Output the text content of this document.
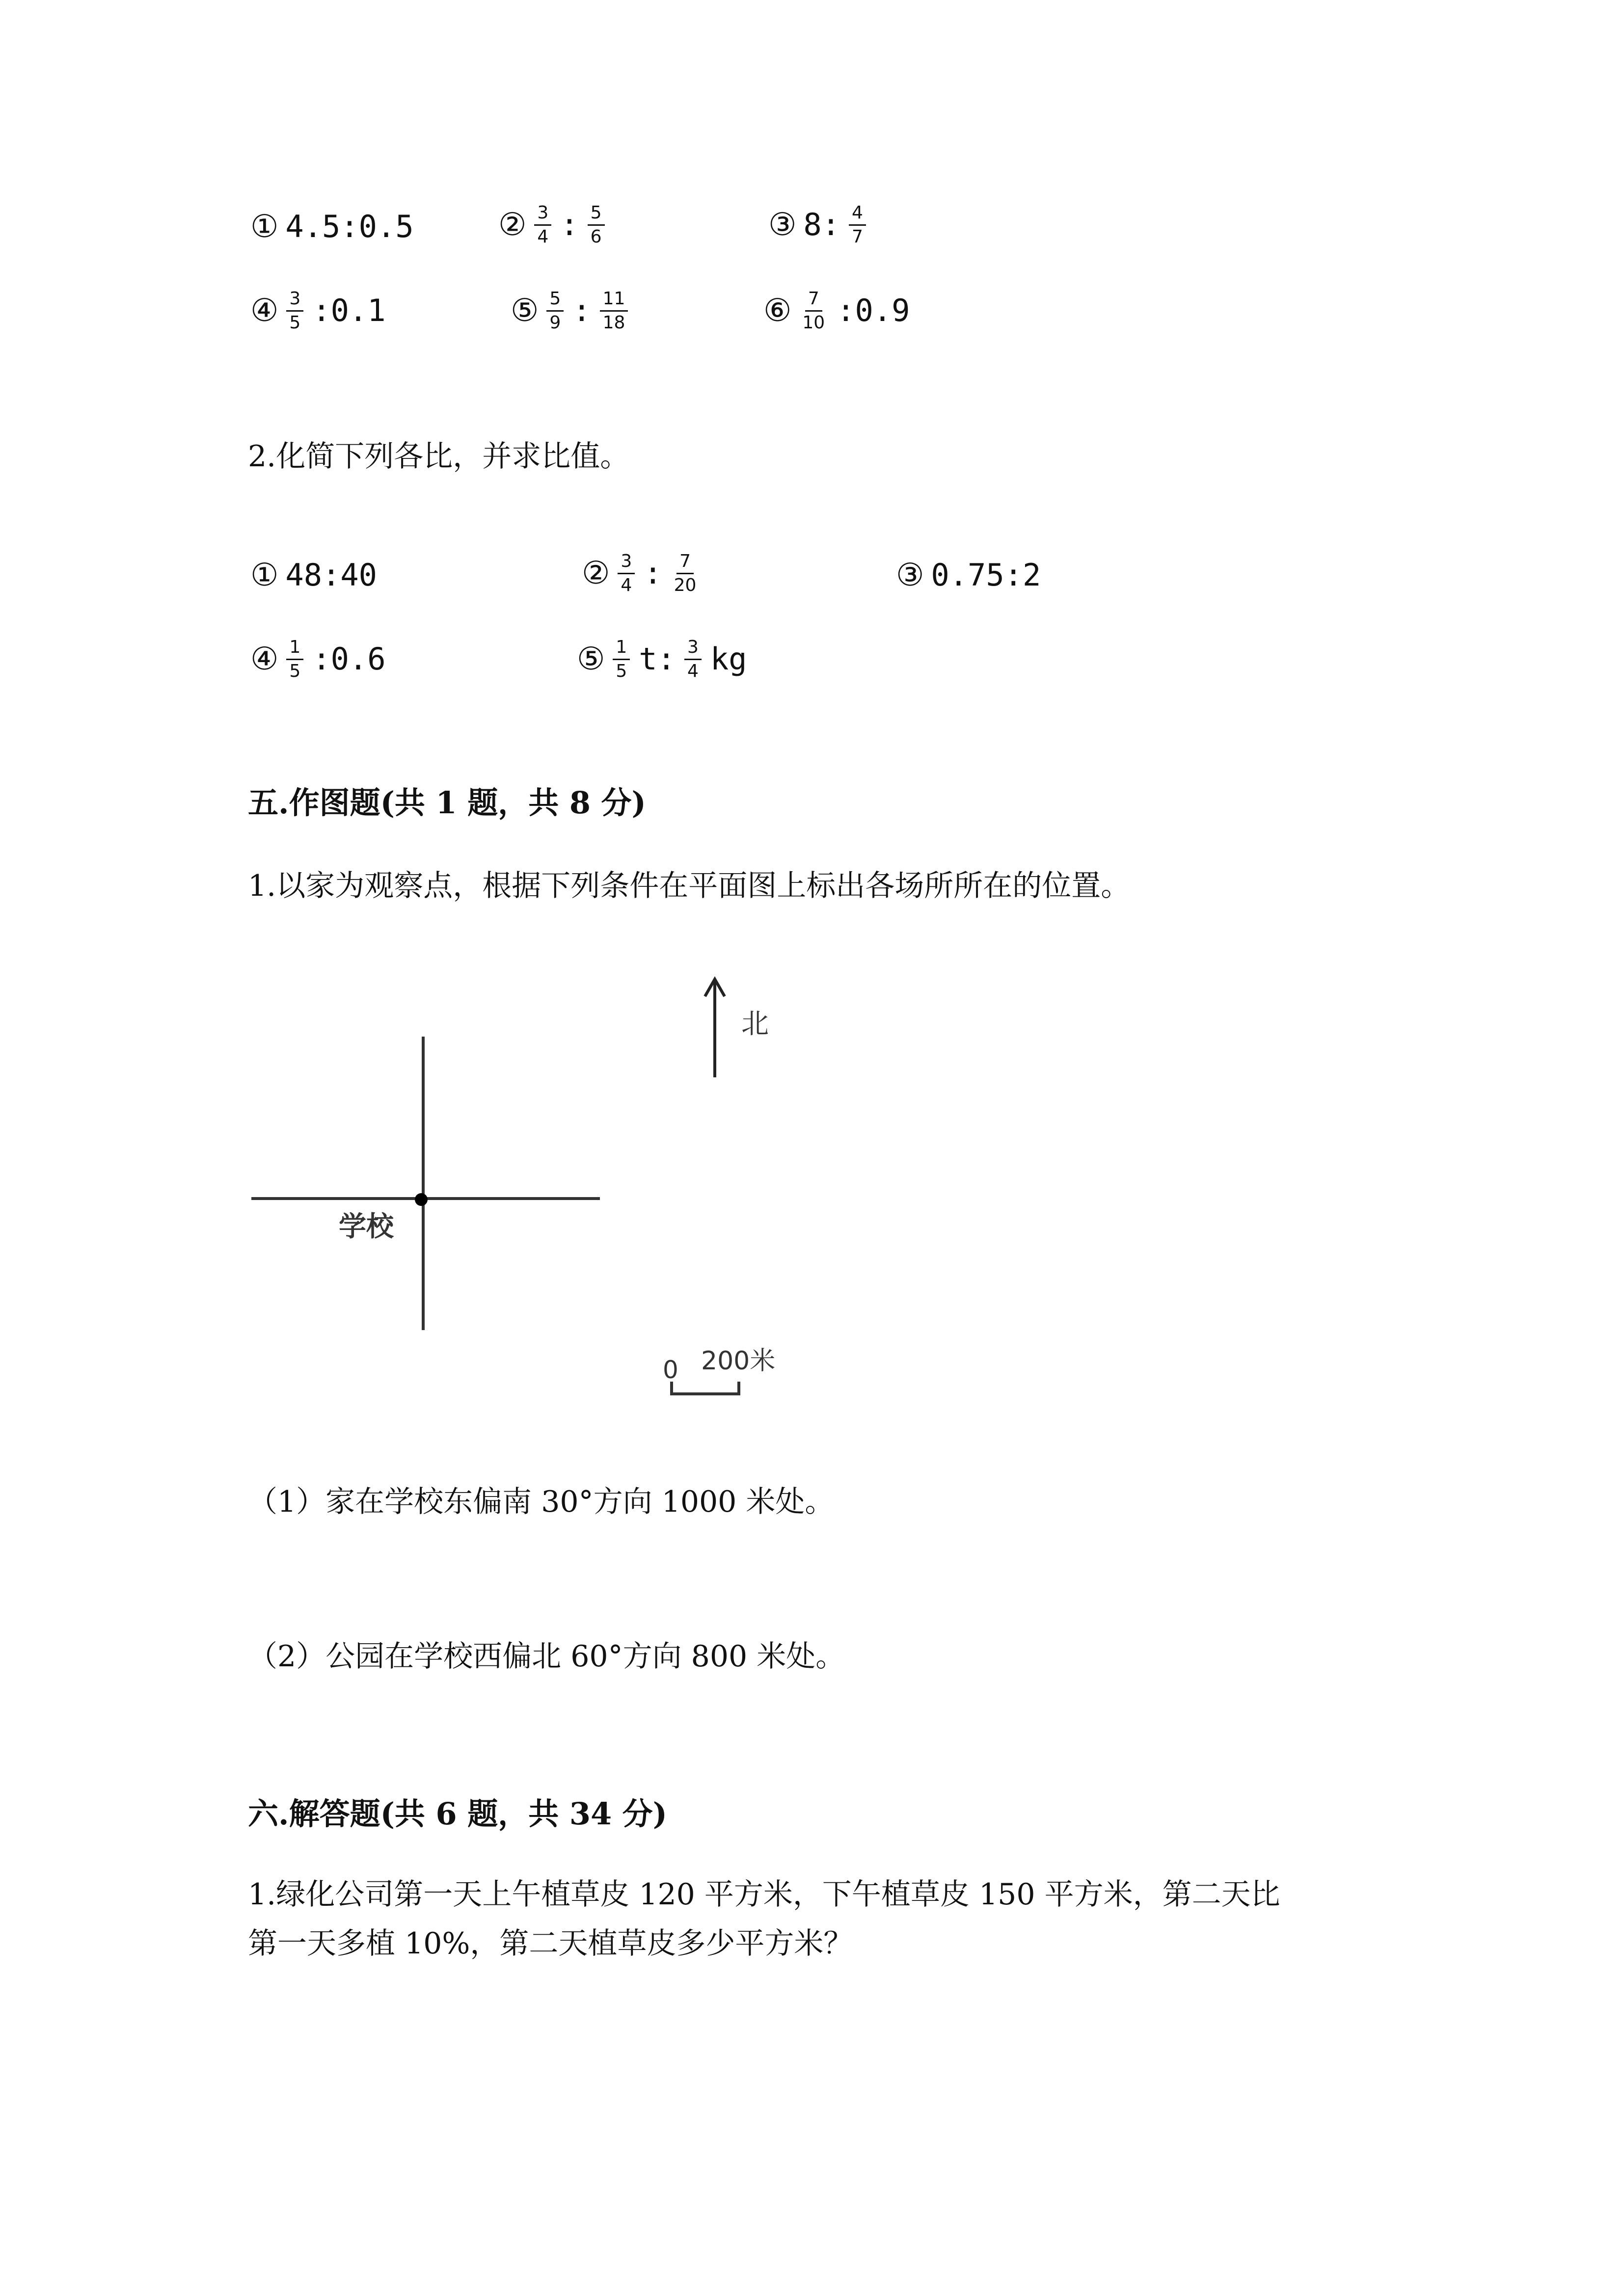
① 4.5:0.5	② $\frac{3}{4}$ : $\frac{5}{6}$	③ 8: $\frac{4}{7}$
④ $\frac{3}{5}$ :0.1	⑤ $\frac{5}{9}$ : $\frac{11}{18}$	⑥ $\frac{7}{10}$ :0.9
2.化简下列各比，并求比值。
① 48:40	② $\frac{3}{4}$ : $\frac{7}{20}$	③ 0.75:2
④ $\frac{1}{5}$ :0.6	⑤ $\frac{1}{5} t$: $\frac{3}{4}$ kg
五.作图题(共 1 题，共 8 分)
1.以家为观察点，根据下列条件在平面图上标出各场所所在的位置。
北
学校
0 200米
（1）家在学校东偏南 30°方向 1000 米处。
（2）公园在学校西偏北 60°方向 800 米处。
六.解答题(共 6 题，共 34 分)
1.绿化公司第一天上午植草皮 120 平方米，下午植草皮 150 平方米，第二天比
第一天多植 10%，第二天植草皮多少平方米？
